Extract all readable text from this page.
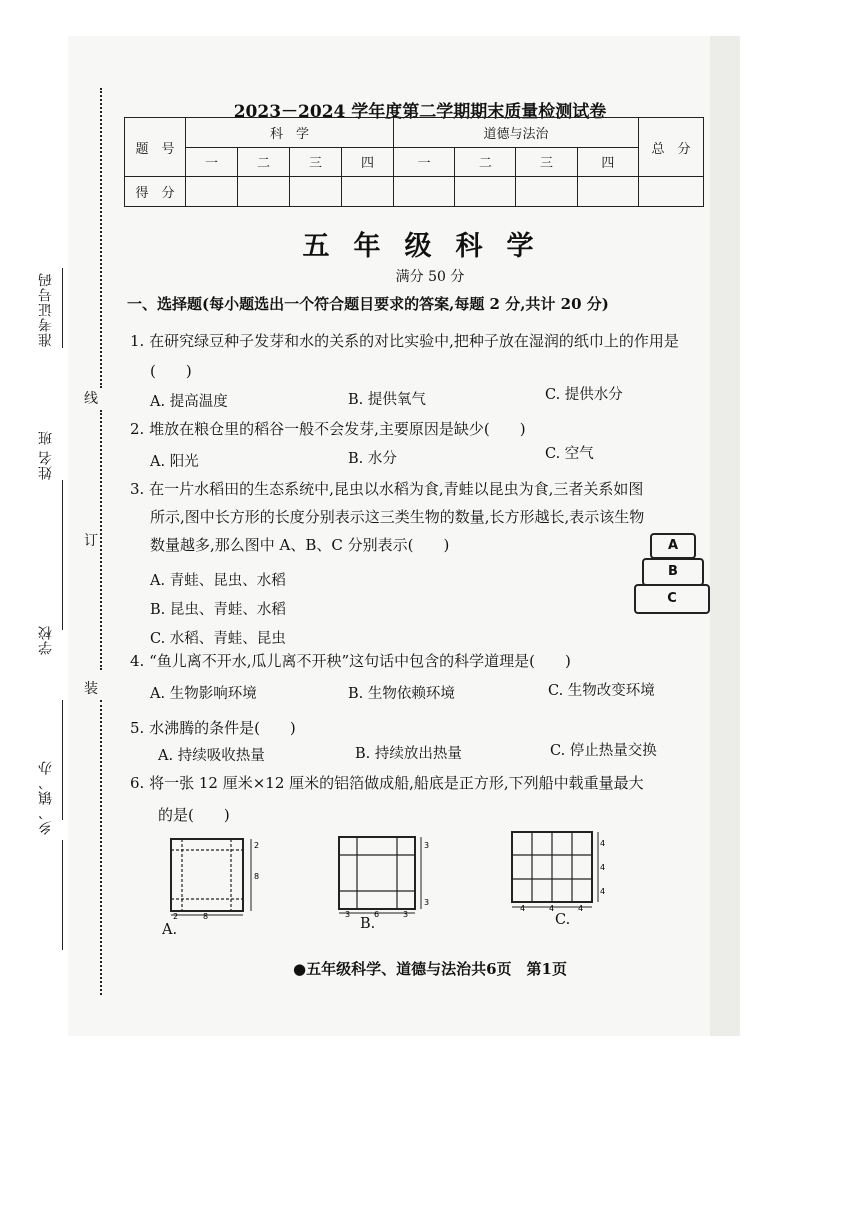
准考证号码
班
姓名
学校
乡、镇、办
线
订
装
2023－2024 学年度第二学期期末质量检测试卷
题　号	科　学				道德与法治				总　分
	一	二	三	四	一	二	三	四	
得　分									
五年级科学
满分 50 分
一、选择题(每小题选出一个符合题目要求的答案,每题 2 分,共计 20 分)
1. 在研究绿豆种子发芽和水的关系的对比实验中,把种子放在湿润的纸巾上的作用是
(　　)
A. 提高温度	B. 提供氧气	C. 提供水分
2. 堆放在粮仓里的稻谷一般不会发芽,主要原因是缺少(　　)
A. 阳光	B. 水分	C. 空气
3. 在一片水稻田的生态系统中,昆虫以水稻为食,青蛙以昆虫为食,三者关系如图
所示,图中长方形的长度分别表示这三类生物的数量,长方形越长,表示该生物
数量越多,那么图中 A、B、C 分别表示(　　)
A. 青蛙、昆虫、水稻
B. 昆虫、青蛙、水稻
C. 水稻、青蛙、昆虫
A
B
C
4. “鱼儿离不开水,瓜儿离不开秧”这句话中包含的科学道理是(　　)
A. 生物影响环境	B. 生物依赖环境	C. 生物改变环境
5. 水沸腾的条件是(　　)
A. 持续吸收热量	B. 持续放出热量	C. 停止热量交换
6. 将一张 12 厘米×12 厘米的铝箔做成船,船底是正方形,下列船中载重量最大
的是(　　)
2
8
2	8
A.
3
3
3	6	3
B.
4
4
4
4	4	4
C.
●五年级科学、道德与法治共6页　第1页
